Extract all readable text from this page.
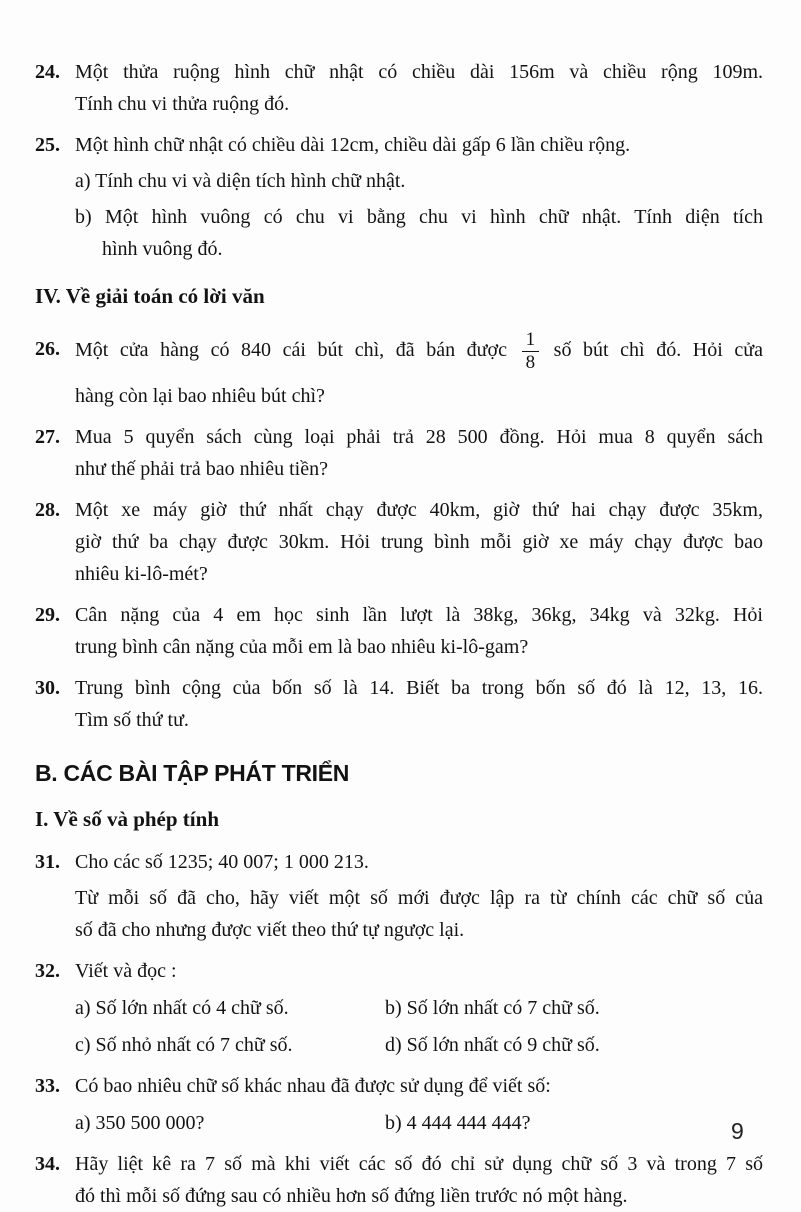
24. Một thửa ruộng hình chữ nhật có chiều dài 156m và chiều rộng 109m.
Tính chu vi thửa ruộng đó.
25. Một hình chữ nhật có chiều dài 12cm, chiều dài gấp 6 lần chiều rộng.
a) Tính chu vi và diện tích hình chữ nhật.
b) Một hình vuông có chu vi bằng chu vi hình chữ nhật. Tính diện tích
hình vuông đó.
IV. Về giải toán có lời văn
26. Một cửa hàng có 840 cái bút chì, đã bán được $\frac{1}{8}$ số bút chì đó. Hỏi cửa
hàng còn lại bao nhiêu bút chì?
27. Mua 5 quyển sách cùng loại phải trả 28 500 đồng. Hỏi mua 8 quyển sách
như thế phải trả bao nhiêu tiền?
28. Một xe máy giờ thứ nhất chạy được 40km, giờ thứ hai chạy được 35km,
giờ thứ ba chạy được 30km. Hỏi trung bình mỗi giờ xe máy chạy được bao
nhiêu ki-lô-mét?
29. Cân nặng của 4 em học sinh lần lượt là 38kg, 36kg, 34kg và 32kg. Hỏi
trung bình cân nặng của mỗi em là bao nhiêu ki-lô-gam?
30. Trung bình cộng của bốn số là 14. Biết ba trong bốn số đó là 12, 13, 16.
Tìm số thứ tư.
B. CÁC BÀI TẬP PHÁT TRIỂN
I. Về số và phép tính
31. Cho các số 1235; 40 007; 1 000 213.
Từ mỗi số đã cho, hãy viết một số mới được lập ra từ chính các chữ số của
số đã cho nhưng được viết theo thứ tự ngược lại.
32. Viết và đọc :
a) Số lớn nhất có 4 chữ số.	b) Số lớn nhất có 7 chữ số.
c) Số nhỏ nhất có 7 chữ số.	d) Số lớn nhất có 9 chữ số.
33. Có bao nhiêu chữ số khác nhau đã được sử dụng để viết số:
a) 350 500 000?	b) 4 444 444 444?
34. Hãy liệt kê ra 7 số mà khi viết các số đó chỉ sử dụng chữ số 3 và trong 7 số
đó thì mỗi số đứng sau có nhiều hơn số đứng liền trước nó một hàng.
9
